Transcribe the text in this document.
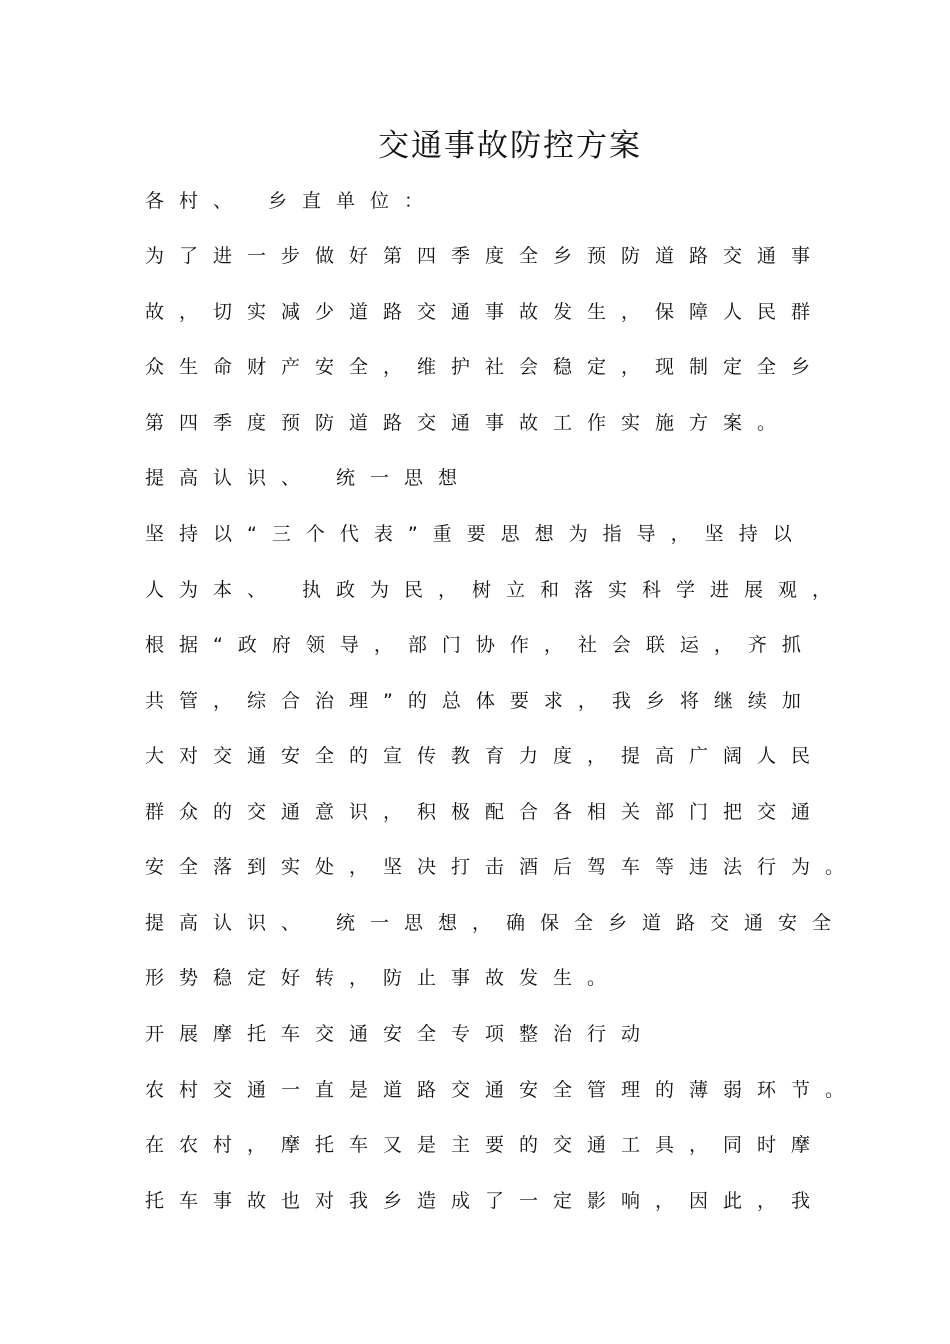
交通事故防控方案
各村、 乡直单位：
为了进一步做好第四季度全乡预防道路交通事
故，切实减少道路交通事故发生，保障人民群
众生命财产安全，维护社会稳定，现制定全乡
第四季度预防道路交通事故工作实施方案。
提高认识、 统一思想
坚持以“三个代表”重要思想为指导，坚持以
人为本、 执政为民，树立和落实科学进展观，
根据“政府领导，部门协作，社会联运，齐抓
共管，综合治理”的总体要求，我乡将继续加
大对交通安全的宣传教育力度，提高广阔人民
群众的交通意识，积极配合各相关部门把交通
安全落到实处，坚决打击酒后驾车等违法行为。
提高认识、 统一思想，确保全乡道路交通安全
形势稳定好转，防止事故发生。
开展摩托车交通安全专项整治行动
农村交通一直是道路交通安全管理的薄弱环节。
在农村，摩托车又是主要的交通工具，同时摩
托车事故也对我乡造成了一定影响，因此，我
